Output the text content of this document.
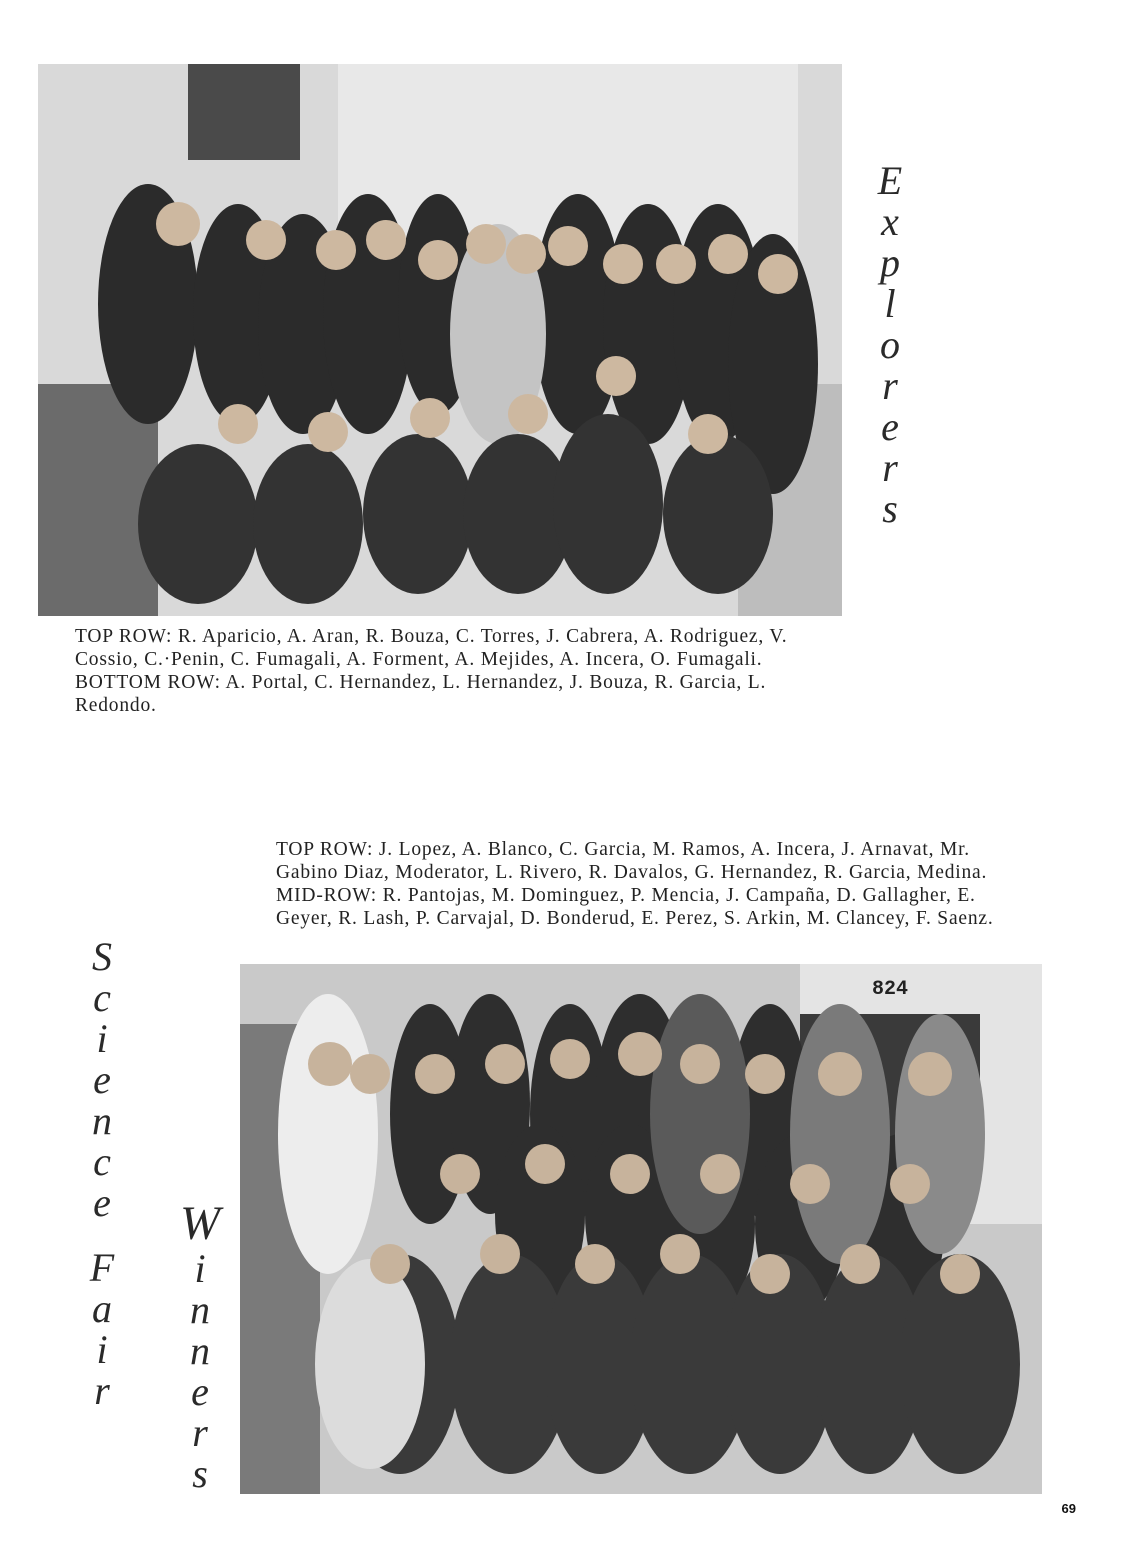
E
x
p
l
o
r
e
r
s
TOP ROW: R. Aparicio, A. Aran, R. Bouza, C. Torres, J. Cabrera, A. Rodriguez, V. Cossio, C.·Penin, C. Fumagali, A. Forment, A. Mejides, A. Incera, O. Fumagali. BOTTOM ROW: A. Portal, C. Hernandez, L. Hernandez, J. Bouza, R. Garcia, L. Redondo.
TOP ROW: J. Lopez, A. Blanco, C. Garcia, M. Ramos, A. Incera, J. Arnavat, Mr. Gabino Diaz, Moderator, L. Rivero, R. Davalos, G. Hernandez, R. Garcia, Medina. MID-ROW: R. Pantojas, M. Dominguez, P. Mencia, J. Campaña, D. Gallagher, E. Geyer, R. Lash, P. Carvajal, D. Bonderud, E. Perez, S. Arkin, M. Clancey, F. Saenz.
824
S
c
i
e
n
c
e
F
a
i
r
W
i
n
n
e
r
s
69
